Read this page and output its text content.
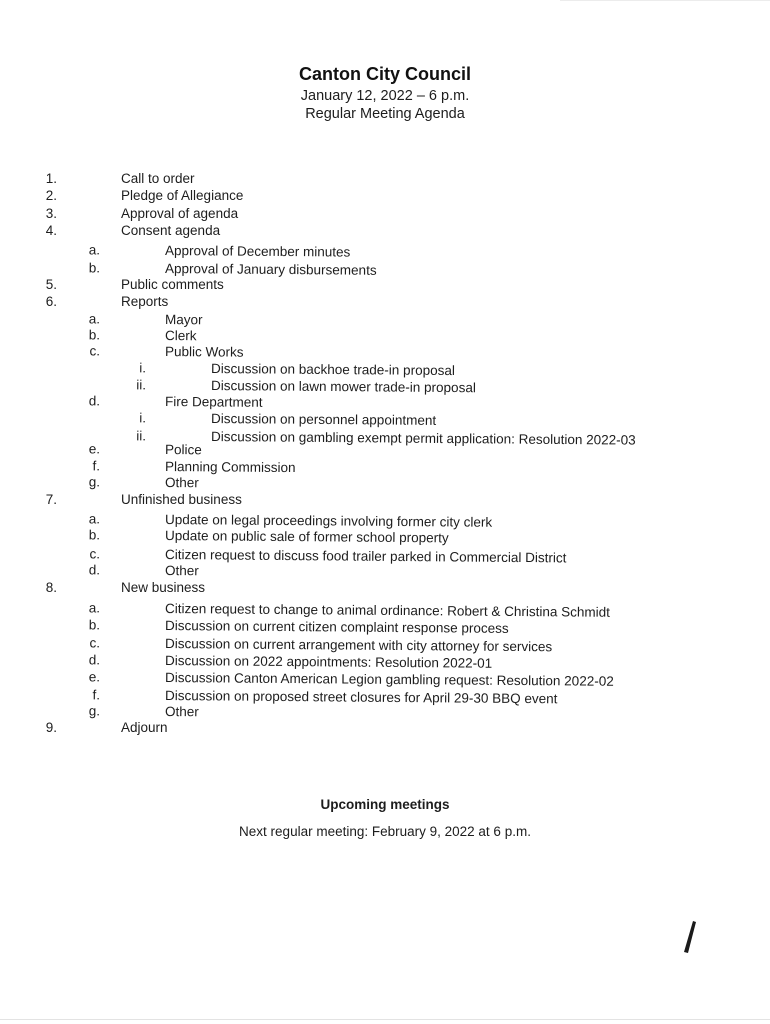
Canton City Council
January 12, 2022 – 6 p.m.
Regular Meeting Agenda
1.	Call to order
2.	Pledge of Allegiance
3.	Approval of agenda
4.	Consent agenda
a.	Approval of December minutes
b.	Approval of January disbursements
5.	Public comments
6.	Reports
a.	Mayor
b.	Clerk
c.	Public Works
i.	Discussion on backhoe trade-in proposal
ii.	Discussion on lawn mower trade-in proposal
d.	Fire Department
i.	Discussion on personnel appointment
ii.	Discussion on gambling exempt permit application: Resolution 2022-03
e.	Police
f.	Planning Commission
g.	Other
7.	Unfinished business
a.	Update on legal proceedings involving former city clerk
b.	Update on public sale of former school property
c.	Citizen request to discuss food trailer parked in Commercial District
d.	Other
8.	New business
a.	Citizen request to change to animal ordinance: Robert & Christina Schmidt
b.	Discussion on current citizen complaint response process
c.	Discussion on current arrangement with city attorney for services
d.	Discussion on 2022 appointments: Resolution 2022-01
e.	Discussion Canton American Legion gambling request: Resolution 2022-02
f.	Discussion on proposed street closures for April 29-30 BBQ event
g.	Other
9.	Adjourn
Upcoming meetings
Next regular meeting: February 9, 2022 at 6 p.m.
